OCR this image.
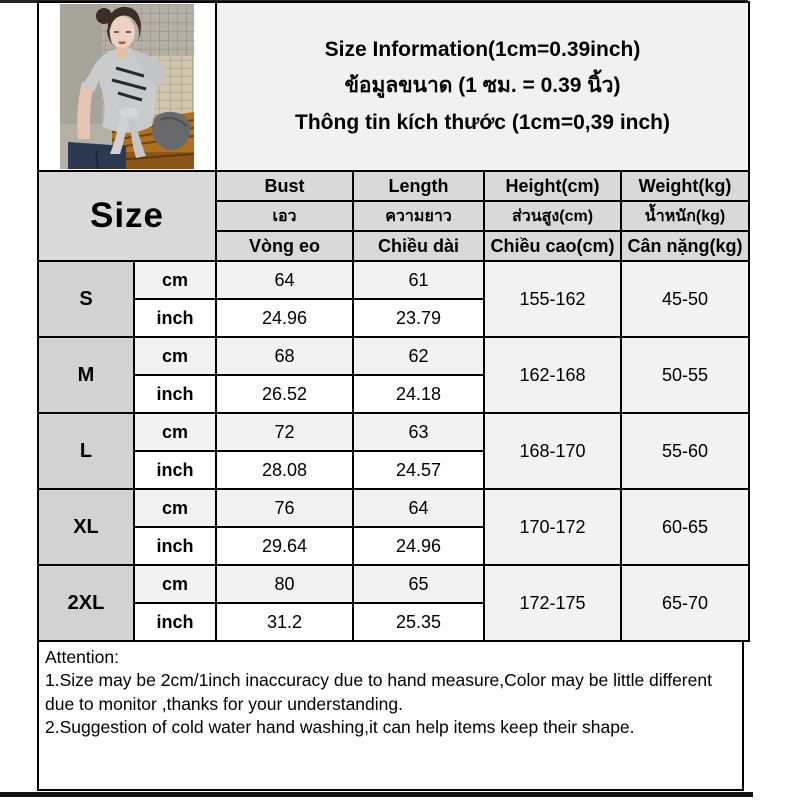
Size Information(1cm=0.39inch)
ข้อมูลขนาด (1 ซม. = 0.39 นิ้ว)
Thông tin kích thước (1cm=0,39 inch)			

Size		Bust	Length	Height(cm)	Weight(kg)
		เอว	ความยาว	ส่วนสูง(cm)	น้ำหนัก(kg)
		Vòng eo	Chiều dài	Chiều cao(cm)	Cân nặng(kg)
S	cm	64	61	155-162	45-50
	inch	24.96	23.79		
M	cm	68	62	162-168	50-55
	inch	26.52	24.18		
L	cm	72	63	168-170	55-60
	inch	28.08	24.57		
XL	cm	76	64	170-172	60-65
	inch	29.64	24.96		
2XL	cm	80	65	172-175	65-70
	inch	31.2	25.35		
Attention:
1.Size may be 2cm/1inch inaccuracy due to hand measure,Color may be little different due to monitor ,thanks for your understanding.
2.Suggestion of cold water hand washing,it can help items keep their shape.
